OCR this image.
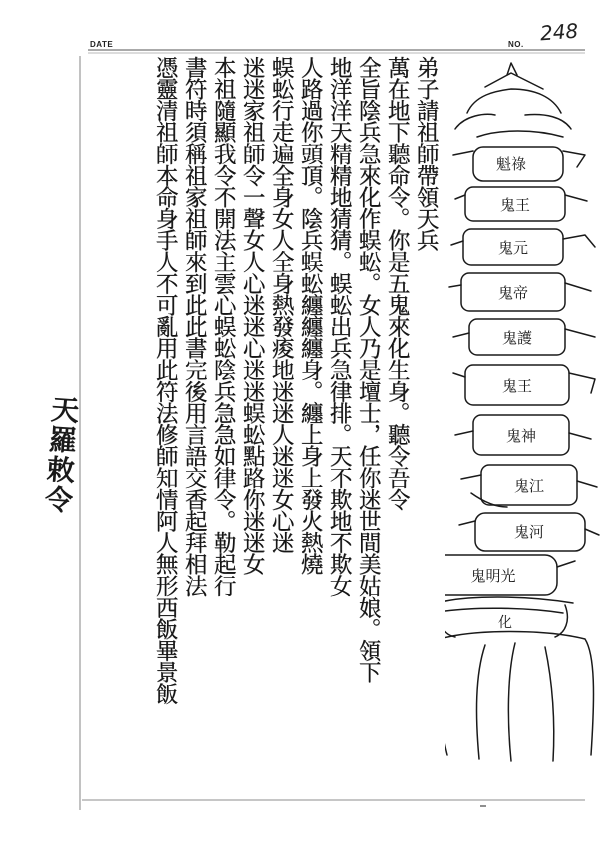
DATE	NO. 248
弟子請祖師帶領天兵
萬在地下聽命令。你是五鬼來化生身。聽令吾令
全旨陰兵急來化作蜈蚣。女人乃是壇士，任你迷世間美姑娘。領下
地洋洋天精精地猜猜。蜈蚣出兵急律排。天不欺地不欺女
人路過你頭頂。陰兵蜈蚣纏纏纏身。纏上身上發火熱燒
蜈蚣行走遍全身女人全身熱發痠地迷迷人迷迷女心迷
迷迷家祖師令一聲女人心迷迷心迷迷蜈蚣點路你迷迷女
本祖隨顯我令不開法主雲心蜈蚣陰兵急急如律令。勒起行
書符時須稱祖家祖師來到此此書完後用言語交香起拜相法
憑靈清祖師本命身手人不可亂用此符法修師知情阿人無形西飯畢景飯
天羅敕令
魁祿
鬼王
鬼元
鬼帝
鬼護
鬼王
鬼神
鬼江
鬼河
鬼明光
化
